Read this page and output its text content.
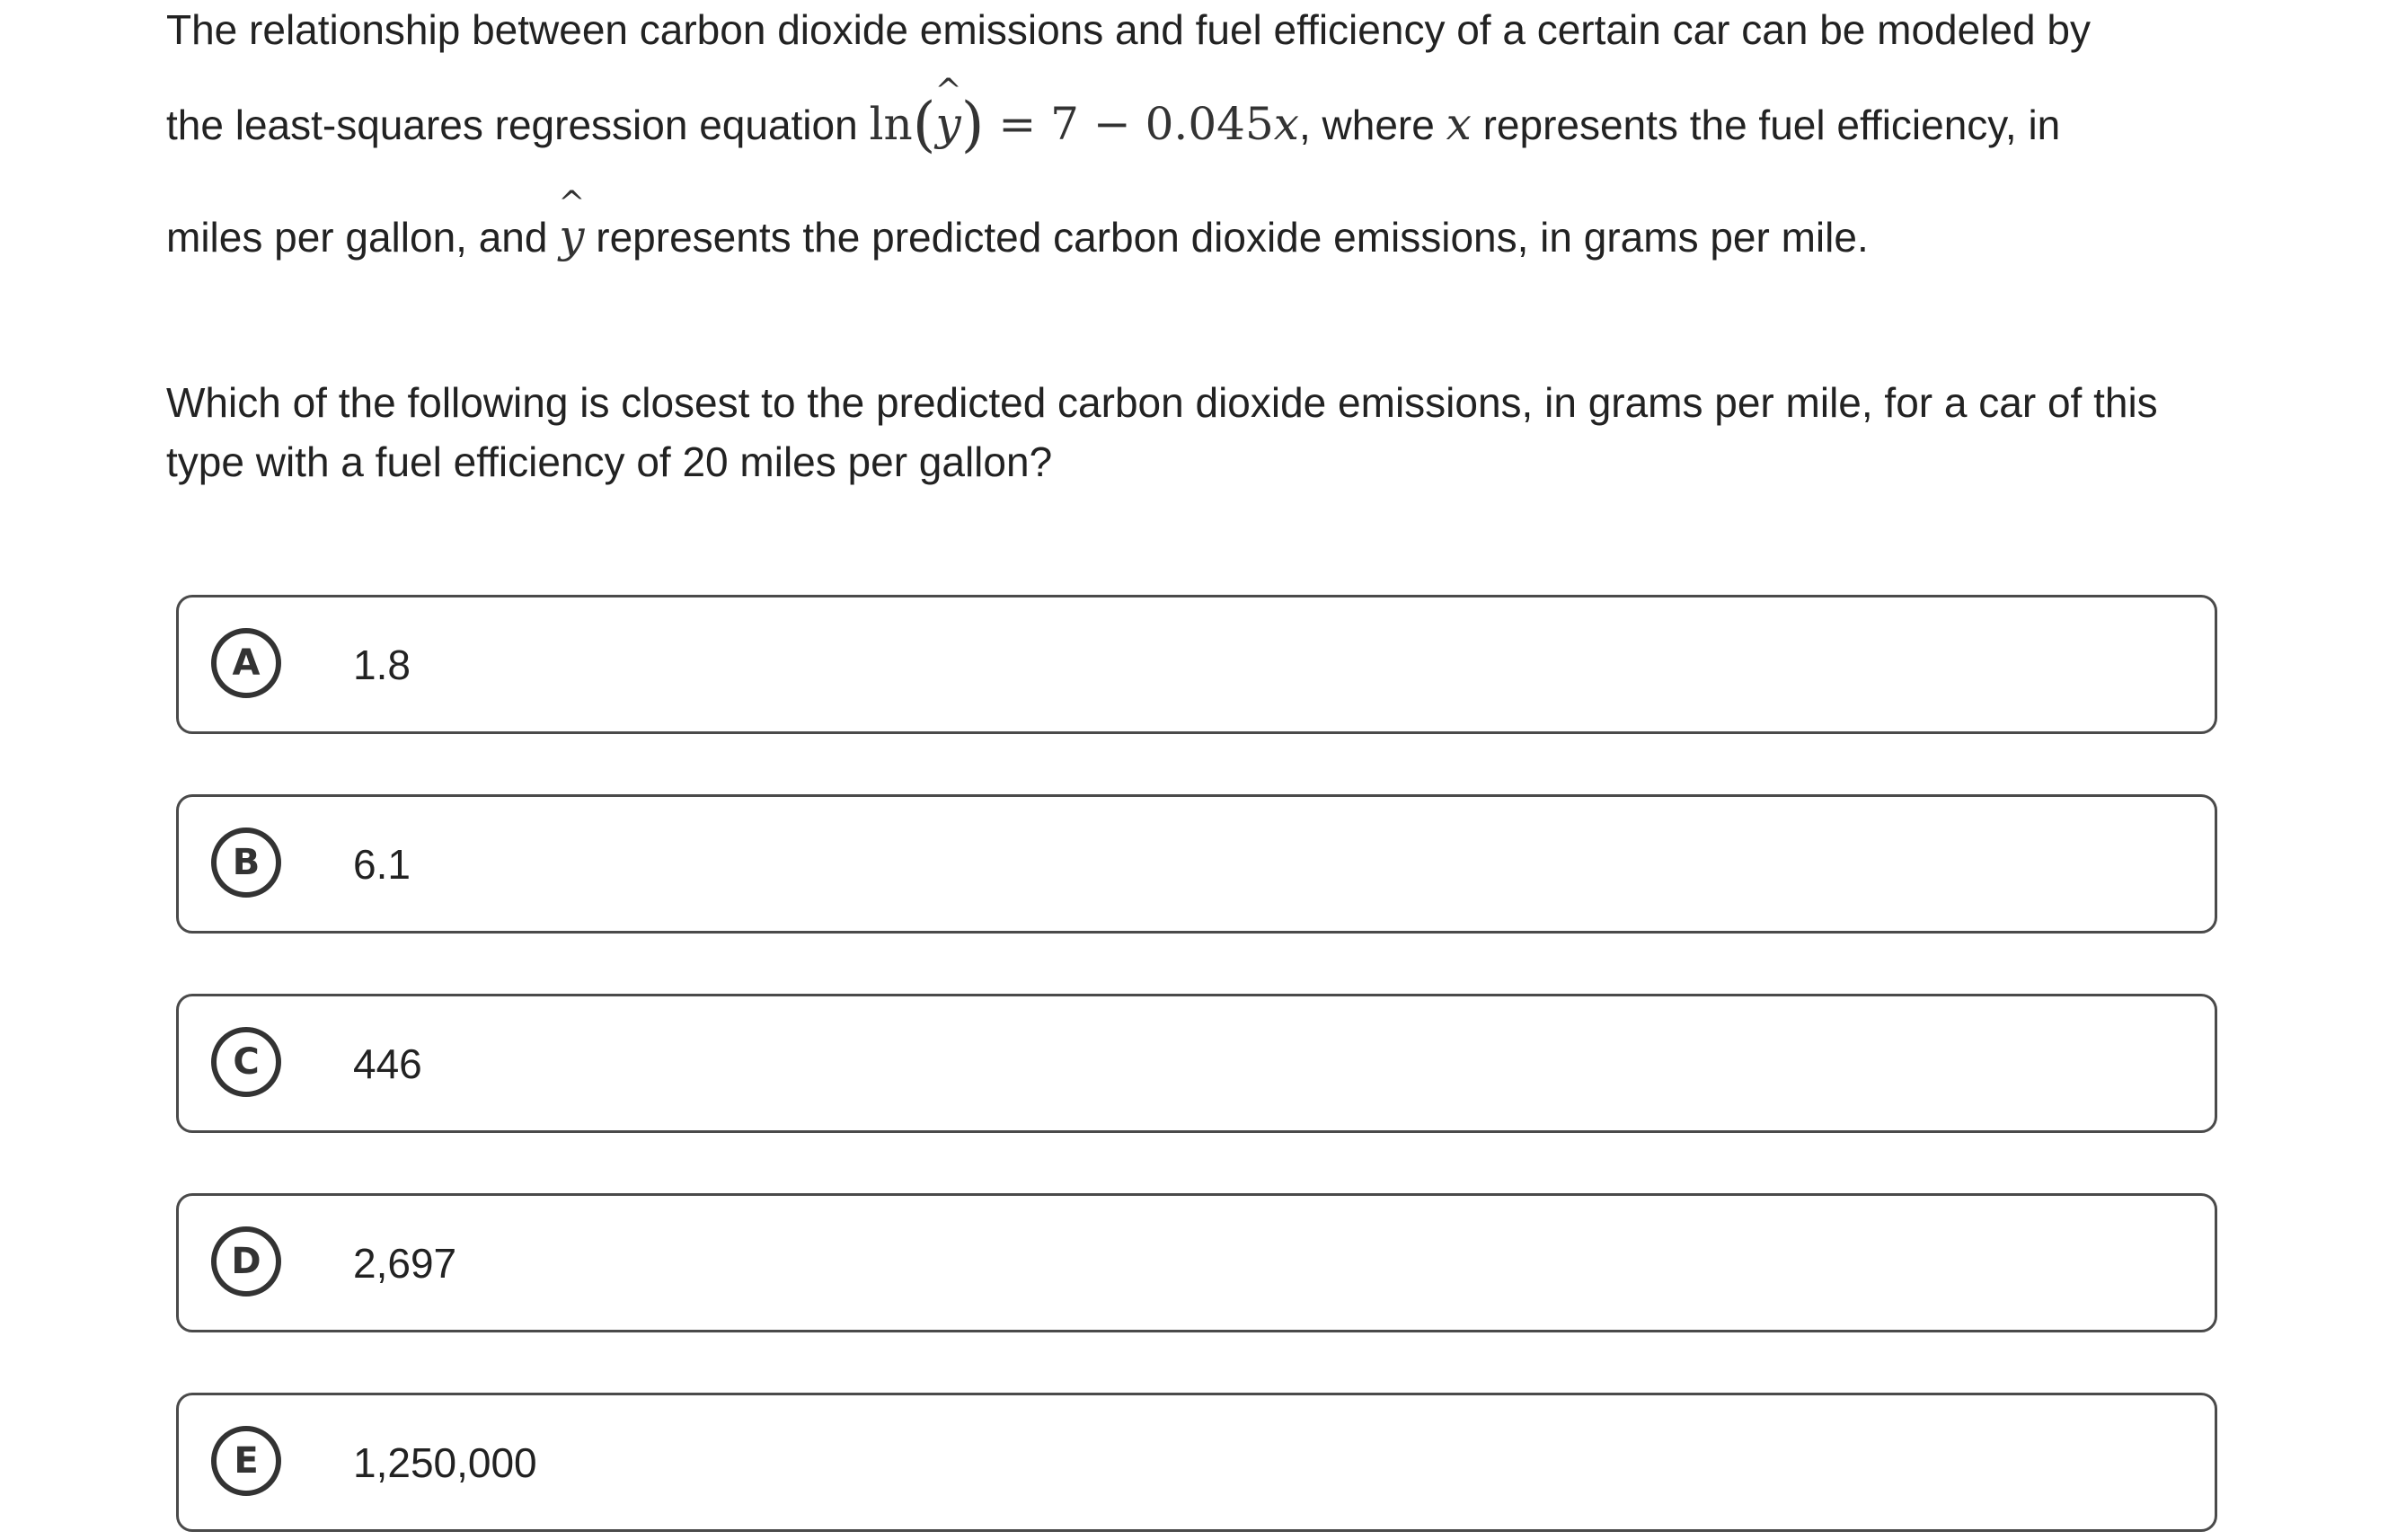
The relationship between carbon dioxide emissions and fuel efficiency of a certain car can be modeled by
the least-squares regression equation ln( ^
y) = 7 − 0.045x, where x represents the fuel efficiency, in
miles per gallon, and
^
y represents the predicted carbon dioxide emissions, in grams per mile.
Which of the following is closest to the predicted carbon dioxide emissions, in grams per mile, for a car of this type with a fuel efficiency of 20 miles per gallon?
A	1.8
B	6.1
C	446
D	2,697
E	1,250,000
